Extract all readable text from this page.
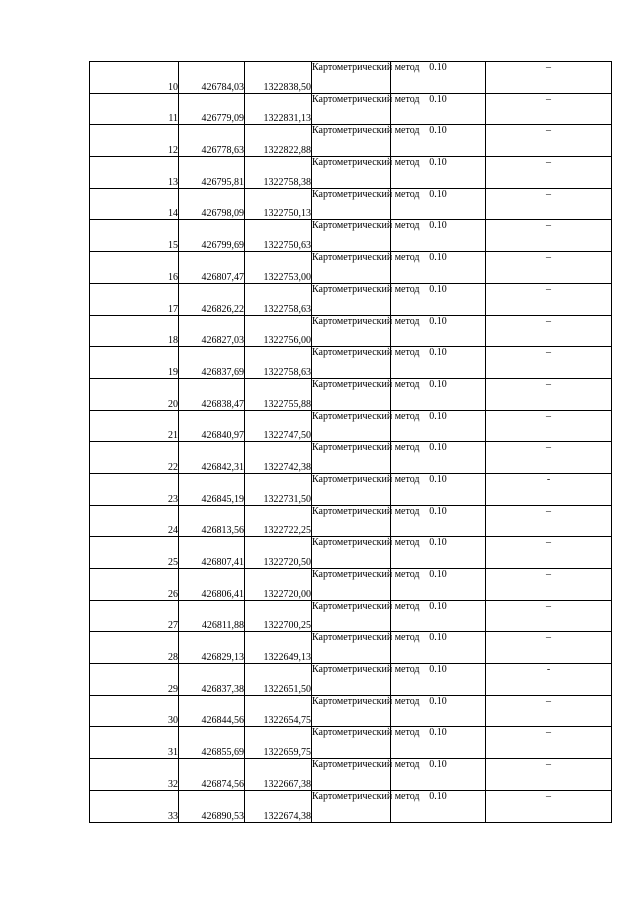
10	426784,03	1322838,50	Картометрический метод	0.10	–
11	426779,09	1322831,13	Картометрический метод	0.10	–
12	426778,63	1322822,88	Картометрический метод	0.10	–
13	426795,81	1322758,38	Картометрический метод	0.10	–
14	426798,09	1322750,13	Картометрический метод	0.10	–
15	426799,69	1322750,63	Картометрический метод	0.10	–
16	426807,47	1322753,00	Картометрический метод	0.10	–
17	426826,22	1322758,63	Картометрический метод	0.10	–
18	426827,03	1322756,00	Картометрический метод	0.10	–
19	426837,69	1322758,63	Картометрический метод	0.10	–
20	426838,47	1322755,88	Картометрический метод	0.10	–
21	426840,97	1322747,50	Картометрический метод	0.10	–
22	426842,31	1322742,38	Картометрический метод	0.10	–
23	426845,19	1322731,50	Картометрический метод	0.10	-
24	426813,56	1322722,25	Картометрический метод	0.10	–
25	426807,41	1322720,50	Картометрический метод	0.10	–
26	426806,41	1322720,00	Картометрический метод	0.10	–
27	426811,88	1322700,25	Картометрический метод	0.10	–
28	426829,13	1322649,13	Картометрический метод	0.10	–
29	426837,38	1322651,50	Картометрический метод	0.10	-
30	426844,56	1322654,75	Картометрический метод	0.10	–
31	426855,69	1322659,75	Картометрический метод	0.10	–
32	426874,56	1322667,38	Картометрический метод	0.10	–
33	426890,53	1322674,38	Картометрический метод	0.10	–
